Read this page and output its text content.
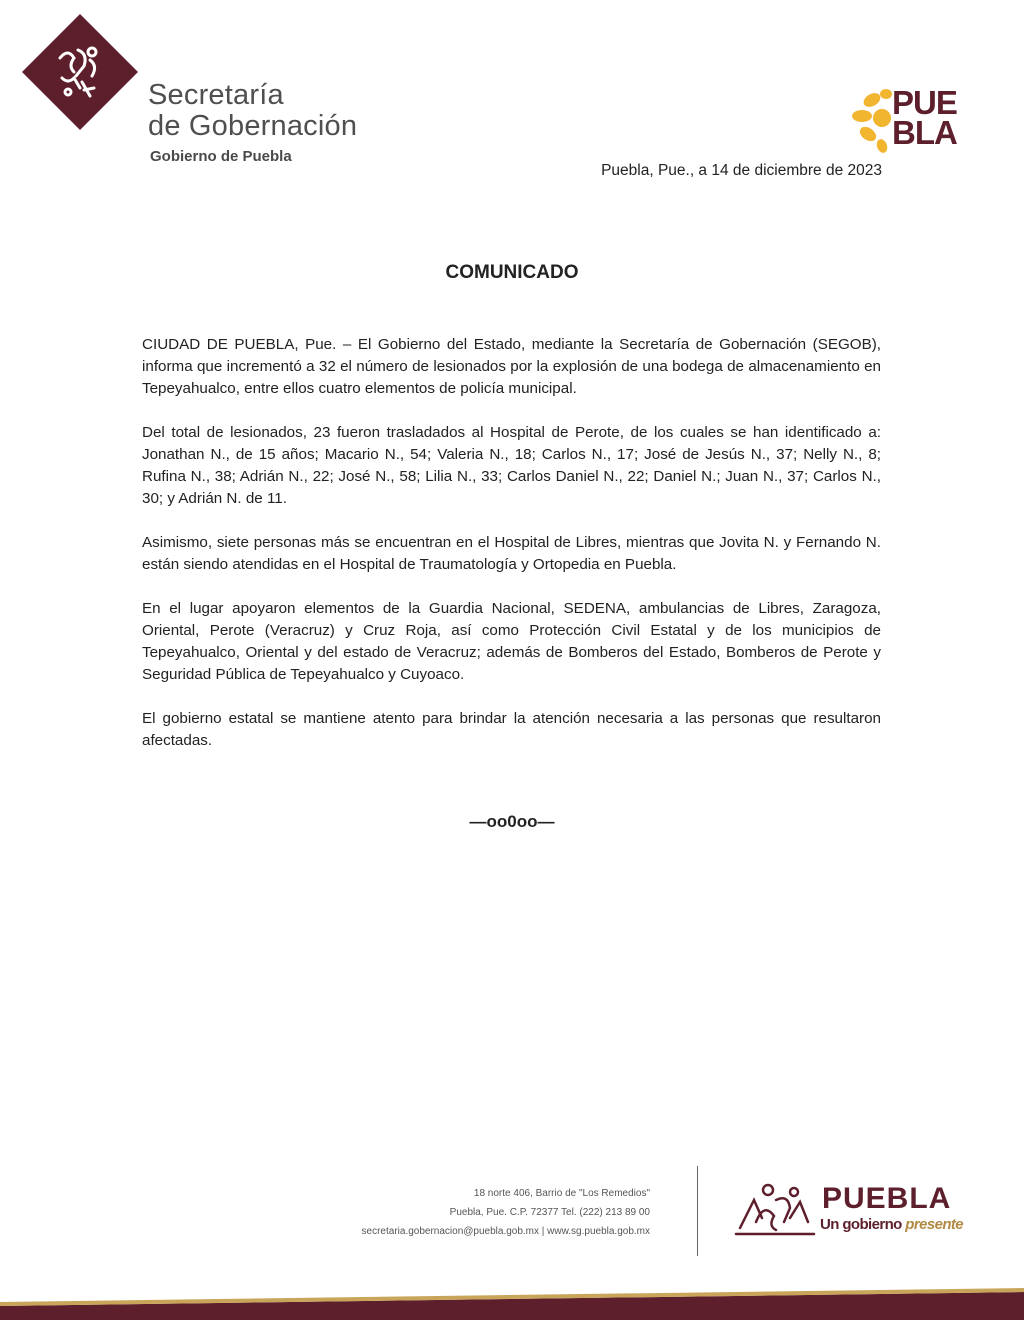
Secretaría
de Gobernación
Gobierno de Puebla
PUE
BLA
Puebla, Pue., a 14 de diciembre de 2023
COMUNICADO

CIUDAD DE PUEBLA, Pue. – El Gobierno del Estado, mediante la Secretaría de Gobernación (SEGOB), informa que incrementó a 32 el número de lesionados por la explosión de una bodega de almacenamiento en Tepeyahualco, entre ellos cuatro elementos de policía municipal.

Del total de lesionados, 23 fueron trasladados al Hospital de Perote, de los cuales se han identificado a: Jonathan N., de 15 años; Macario N., 54; Valeria N., 18; Carlos N., 17; José de Jesús N., 37; Nelly N., 8; Rufina N., 38; Adrián N., 22; José N., 58; Lilia N., 33; Carlos Daniel N., 22; Daniel N.; Juan N., 37; Carlos N., 30; y Adrián N. de 11.

Asimismo, siete personas más se encuentran en el Hospital de Libres, mientras que Jovita N. y Fernando N. están siendo atendidas en el Hospital de Traumatología y Ortopedia en Puebla.

En el lugar apoyaron elementos de la Guardia Nacional, SEDENA, ambulancias de Libres, Zaragoza, Oriental, Perote (Veracruz) y Cruz Roja, así como Protección Civil Estatal y de los municipios de Tepeyahualco, Oriental y del estado de Veracruz; además de Bomberos del Estado, Bomberos de Perote y Seguridad Pública de Tepeyahualco y Cuyoaco.

El gobierno estatal se mantiene atento para brindar la atención necesaria a las personas que resultaron afectadas.

—oo0oo—
18 norte 406, Barrio de "Los Remedios"
Puebla, Pue. C.P. 72377 Tel. (222) 213 89 00
secretaria.gobernacion@puebla.gob.mx | www.sg.puebla.gob.mx
PUEBLA
Un gobierno presente
